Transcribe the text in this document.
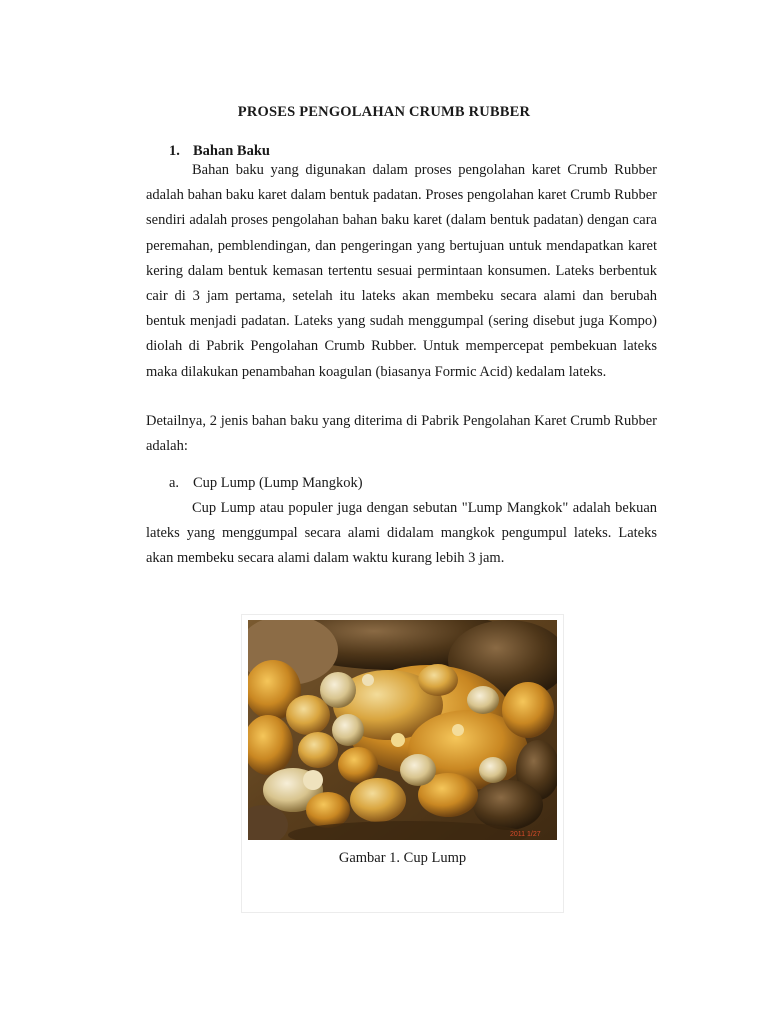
PROSES PENGOLAHAN CRUMB RUBBER
1. Bahan Baku

Bahan baku yang digunakan dalam proses pengolahan karet Crumb Rubber adalah bahan baku karet dalam bentuk padatan. Proses pengolahan karet Crumb Rubber sendiri adalah proses pengolahan bahan baku karet (dalam bentuk padatan) dengan cara peremahan, pemblendingan, dan pengeringan yang bertujuan untuk mendapatkan karet kering dalam bentuk kemasan tertentu sesuai permintaan konsumen. Lateks berbentuk cair di 3 jam pertama, setelah itu lateks akan membeku secara alami dan berubah bentuk menjadi padatan. Lateks yang sudah menggumpal (sering disebut juga Kompo) diolah di Pabrik Pengolahan Crumb Rubber. Untuk mempercepat pembekuan lateks maka dilakukan penambahan koagulan (biasanya Formic Acid) kedalam lateks.

Detailnya, 2 jenis bahan baku yang diterima di Pabrik Pengolahan Karet Crumb Rubber adalah:

a. Cup Lump (Lump Mangkok)

Cup Lump atau populer juga dengan sebutan "Lump Mangkok" adalah bekuan lateks yang menggumpal secara alami didalam mangkok pengumpul lateks. Lateks akan membeku secara alami dalam waktu kurang lebih 3 jam.

2011 1/27
Gambar 1. Cup Lump
